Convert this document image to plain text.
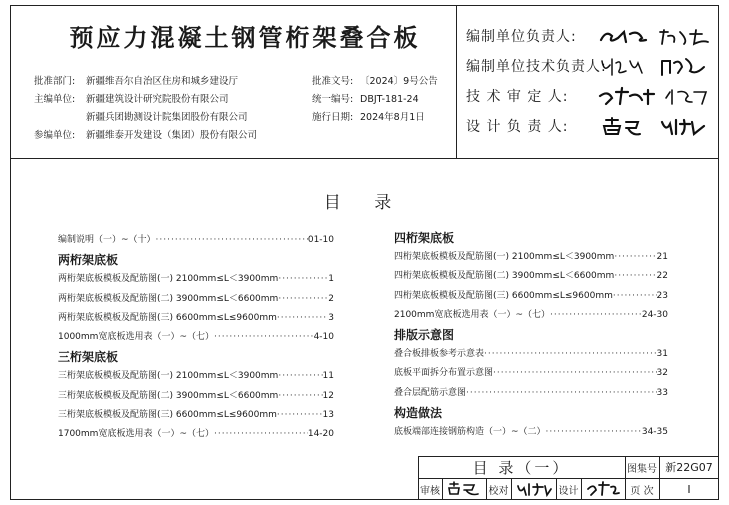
预应力混凝土钢管桁架叠合板
批准部门: 新疆维吾尔自治区住房和城乡建设厅
主编单位: 新疆建筑设计研究院股份有限公司
新疆兵团勘测设计院集团股份有限公司
参编单位: 新疆维泰开发建设（集团）股份有限公司
批准文号: 〔2024〕9号公告
统一编号: DBJT-181-24
施行日期: 2024年8月1日
编制单位负责人:
编制单位技术负责人:
技 术 审 定 人:
设 计 负 责 人:
目 录
编制说明（一）~（十） ·····	01-10
两桁架底板
两桁架底板模板及配筋图(一) 2100mm≤L＜3900mm ·····	1
两桁架底板模板及配筋图(二) 3900mm≤L＜6600mm ·····	2
两桁架底板模板及配筋图(三) 6600mm≤L≤9600mm ·····	3
1000mm宽底板选用表（一）~（七） ·····	4-10
三桁架底板
三桁架底板模板及配筋图(一) 2100mm≤L＜3900mm ·····	11
三桁架底板模板及配筋图(二) 3900mm≤L＜6600mm ·····	12
三桁架底板模板及配筋图(三) 6600mm≤L≤9600mm ·····	13
1700mm宽底板选用表（一）~（七） ·····	14-20
四桁架底板
四桁架底板模板及配筋图(一) 2100mm≤L＜3900mm ·····	21
四桁架底板模板及配筋图(二) 3900mm≤L＜6600mm ·····	22
四桁架底板模板及配筋图(三) 6600mm≤L≤9600mm ·····	23
2100mm宽底板选用表（一）~（七） ·····	24-30
排版示意图
叠合板排板参考示意表 ·····	31
底板平面拆分布置示意图 ·····	32
叠合层配筋示意图 ·····	33
构造做法
底板端部连接钢筋构造（一）~（二） ·····	34-35
目 录（一）	图集号 新22G07
审核	校对	设计	页 次	I
